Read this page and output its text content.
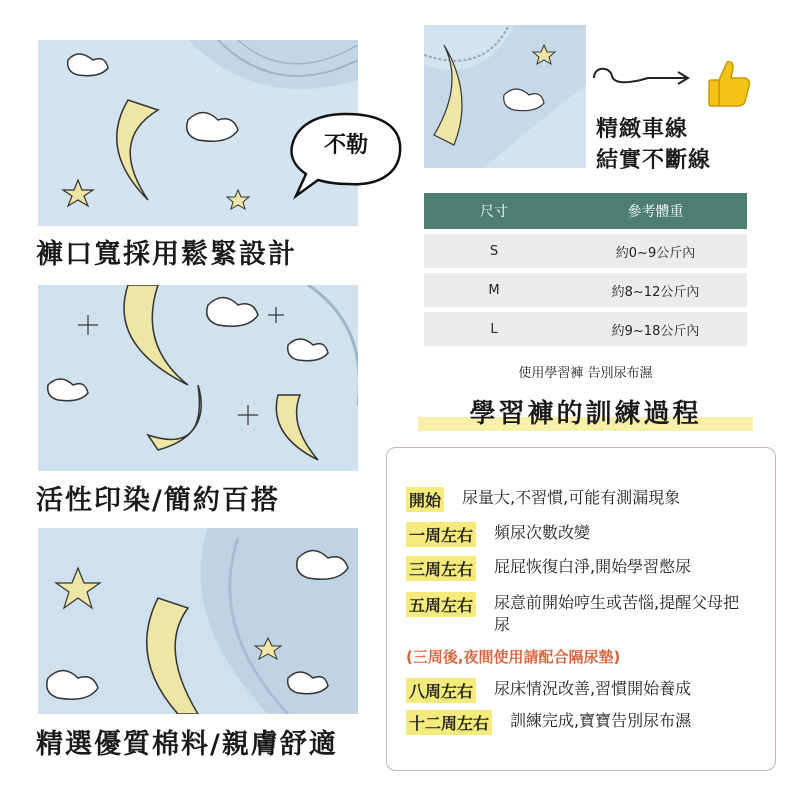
褲口寬採用鬆緊設計
活性印染/簡約百搭
精選優質棉料/親膚舒適
不勒
精緻車線
結實不斷線
尺寸	參考體重
S	約0~9公斤內
M	約8~12公斤內
L	約9~18公斤內
使用學習褲 告別尿布濕
學習褲的訓練過程
開始 尿量大,不習慣,可能有測漏現象
一周左右 頻尿次數改變
三周左右 屁屁恢復白淨,開始學習憋尿
五周左右 尿意前開始哼生或苦惱,提醒父母把尿
(三周後,夜間使用請配合隔尿墊)
八周左右 尿床情況改善,習慣開始養成
十二周左右 訓練完成,寶寶告別尿布濕
